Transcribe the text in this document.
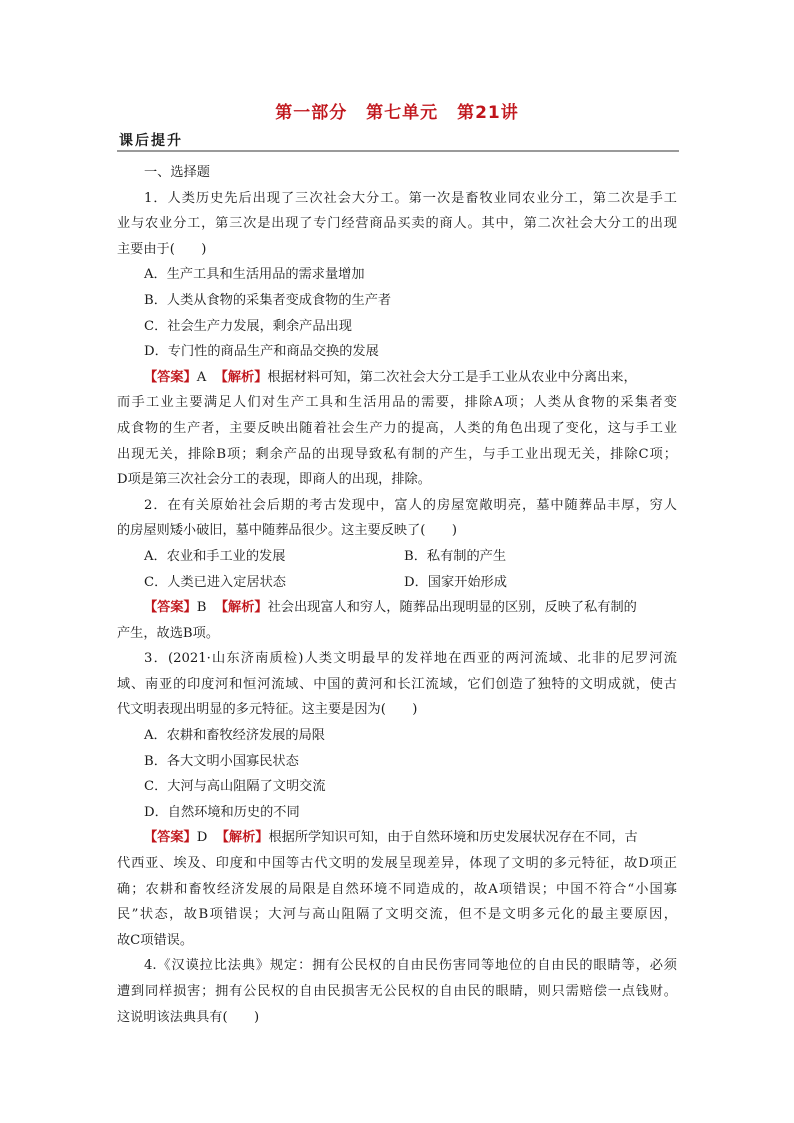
第一部分 第七单元 第21讲
课后提升
一、选择题
1．人类历史先后出现了三次社会大分工。第一次是畜牧业同农业分工，第二次是手工
业与农业分工，第三次是出现了专门经营商品买卖的商人。其中，第二次社会大分工的出现
主要由于(　　)
A．生产工具和生活用品的需求量增加
B．人类从食物的采集者变成食物的生产者
C．社会生产力发展，剩余产品出现
D．专门性的商品生产和商品交换的发展
【答案】A 【解析】根据材料可知，第二次社会大分工是手工业从农业中分离出来，
而手工业主要满足人们对生产工具和生活用品的需要，排除A项；人类从食物的采集者变
成食物的生产者，主要反映出随着社会生产力的提高，人类的角色出现了变化，这与手工业
出现无关，排除B项；剩余产品的出现导致私有制的产生，与手工业出现无关，排除C项；
D项是第三次社会分工的表现，即商人的出现，排除。
2．在有关原始社会后期的考古发现中，富人的房屋宽敞明亮，墓中随葬品丰厚，穷人
的房屋则矮小破旧，墓中随葬品很少。这主要反映了(　　)
A．农业和手工业的发展	B．私有制的产生
C．人类已进入定居状态	D．国家开始形成
【答案】B 【解析】社会出现富人和穷人，随葬品出现明显的区别，反映了私有制的
产生，故选B项。
3．(2021·山东济南质检)人类文明最早的发祥地在西亚的两河流域、北非的尼罗河流
域、南亚的印度河和恒河流域、中国的黄河和长江流域，它们创造了独特的文明成就，使古
代文明表现出明显的多元特征。这主要是因为(　　)
A．农耕和畜牧经济发展的局限
B．各大文明小国寡民状态
C．大河与高山阻隔了文明交流
D．自然环境和历史的不同
【答案】D 【解析】根据所学知识可知，由于自然环境和历史发展状况存在不同，古
代西亚、埃及、印度和中国等古代文明的发展呈现差异，体现了文明的多元特征，故D项正
确；农耕和畜牧经济发展的局限是自然环境不同造成的，故A项错误；中国不符合“小国寡
民”状态，故B项错误；大河与高山阻隔了文明交流，但不是文明多元化的最主要原因，
故C项错误。
4.《汉谟拉比法典》规定：拥有公民权的自由民伤害同等地位的自由民的眼睛等，必须
遭到同样损害；拥有公民权的自由民损害无公民权的自由民的眼睛，则只需赔偿一点钱财。
这说明该法典具有(　　)
